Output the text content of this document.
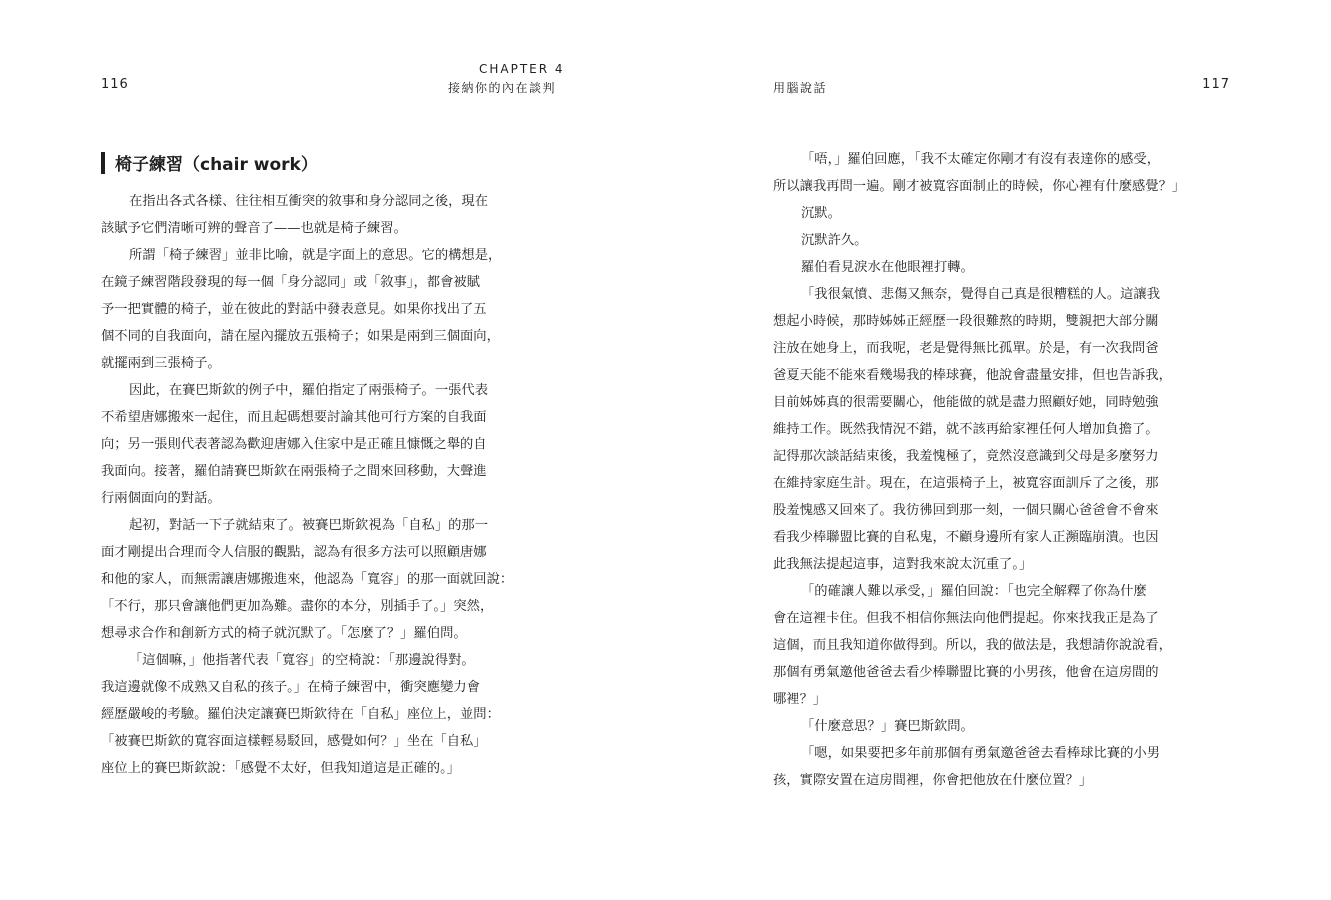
116
CHAPTER 4
接納你的內在談判
椅子練習（chair work）
在指出各式各樣、往往相互衝突的敘事和身分認同之後，現在
該賦予它們清晰可辨的聲音了——也就是椅子練習。
所謂「椅子練習」並非比喻，就是字面上的意思。它的構想是，
在鏡子練習階段發現的每一個「身分認同」或「敘事」，都會被賦
予一把實體的椅子，並在彼此的對話中發表意見。如果你找出了五
個不同的自我面向，請在屋內擺放五張椅子；如果是兩到三個面向，
就擺兩到三張椅子。
因此，在賽巴斯欽的例子中，羅伯指定了兩張椅子。一張代表
不希望唐娜搬來一起住，而且起碼想要討論其他可行方案的自我面
向；另一張則代表著認為歡迎唐娜入住家中是正確且慷慨之舉的自
我面向。接著，羅伯請賽巴斯欽在兩張椅子之間來回移動，大聲進
行兩個面向的對話。
起初，對話一下子就結束了。被賽巴斯欽視為「自私」的那一
面才剛提出合理而令人信服的觀點，認為有很多方法可以照顧唐娜
和他的家人，而無需讓唐娜搬進來，他認為「寬容」的那一面就回說：
「不行，那只會讓他們更加為難。盡你的本分，別插手了。」突然，
想尋求合作和創新方式的椅子就沉默了。「怎麼了？」羅伯問。
「這個嘛，」他指著代表「寬容」的空椅說：「那邊說得對。
我這邊就像不成熟又自私的孩子。」在椅子練習中，衝突應變力會
經歷嚴峻的考驗。羅伯決定讓賽巴斯欽待在「自私」座位上，並問：
「被賽巴斯欽的寬容面這樣輕易駁回，感覺如何？」坐在「自私」
座位上的賽巴斯欽說：「感覺不太好，但我知道這是正確的。」
用腦說話	117
「唔，」羅伯回應，「我不太確定你剛才有沒有表達你的感受，
所以讓我再問一遍。剛才被寬容面制止的時候，你心裡有什麼感覺？」
沉默。
沉默許久。
羅伯看見淚水在他眼裡打轉。
「我很氣憤、悲傷又無奈，覺得自己真是很糟糕的人。這讓我
想起小時候，那時姊姊正經歷一段很難熬的時期，雙親把大部分關
注放在她身上，而我呢，老是覺得無比孤單。於是，有一次我問爸
爸夏天能不能來看幾場我的棒球賽，他說會盡量安排，但也告訴我，
目前姊姊真的很需要關心，他能做的就是盡力照顧好她，同時勉強
維持工作。既然我情況不錯，就不該再給家裡任何人增加負擔了。
記得那次談話結束後，我羞愧極了，竟然沒意識到父母是多麼努力
在維持家庭生計。現在，在這張椅子上，被寬容面訓斥了之後，那
股羞愧感又回來了。我彷彿回到那一刻，一個只關心爸爸會不會來
看我少棒聯盟比賽的自私鬼，不顧身邊所有家人正瀕臨崩潰。也因
此我無法提起這事，這對我來說太沉重了。」
「的確讓人難以承受，」羅伯回說：「也完全解釋了你為什麼
會在這裡卡住。但我不相信你無法向他們提起。你來找我正是為了
這個，而且我知道你做得到。所以，我的做法是，我想請你說說看，
那個有勇氣邀他爸爸去看少棒聯盟比賽的小男孩，他會在這房間的
哪裡？」
「什麼意思？」賽巴斯欽問。
「嗯，如果要把多年前那個有勇氣邀爸爸去看棒球比賽的小男
孩，實際安置在這房間裡，你會把他放在什麼位置？」
